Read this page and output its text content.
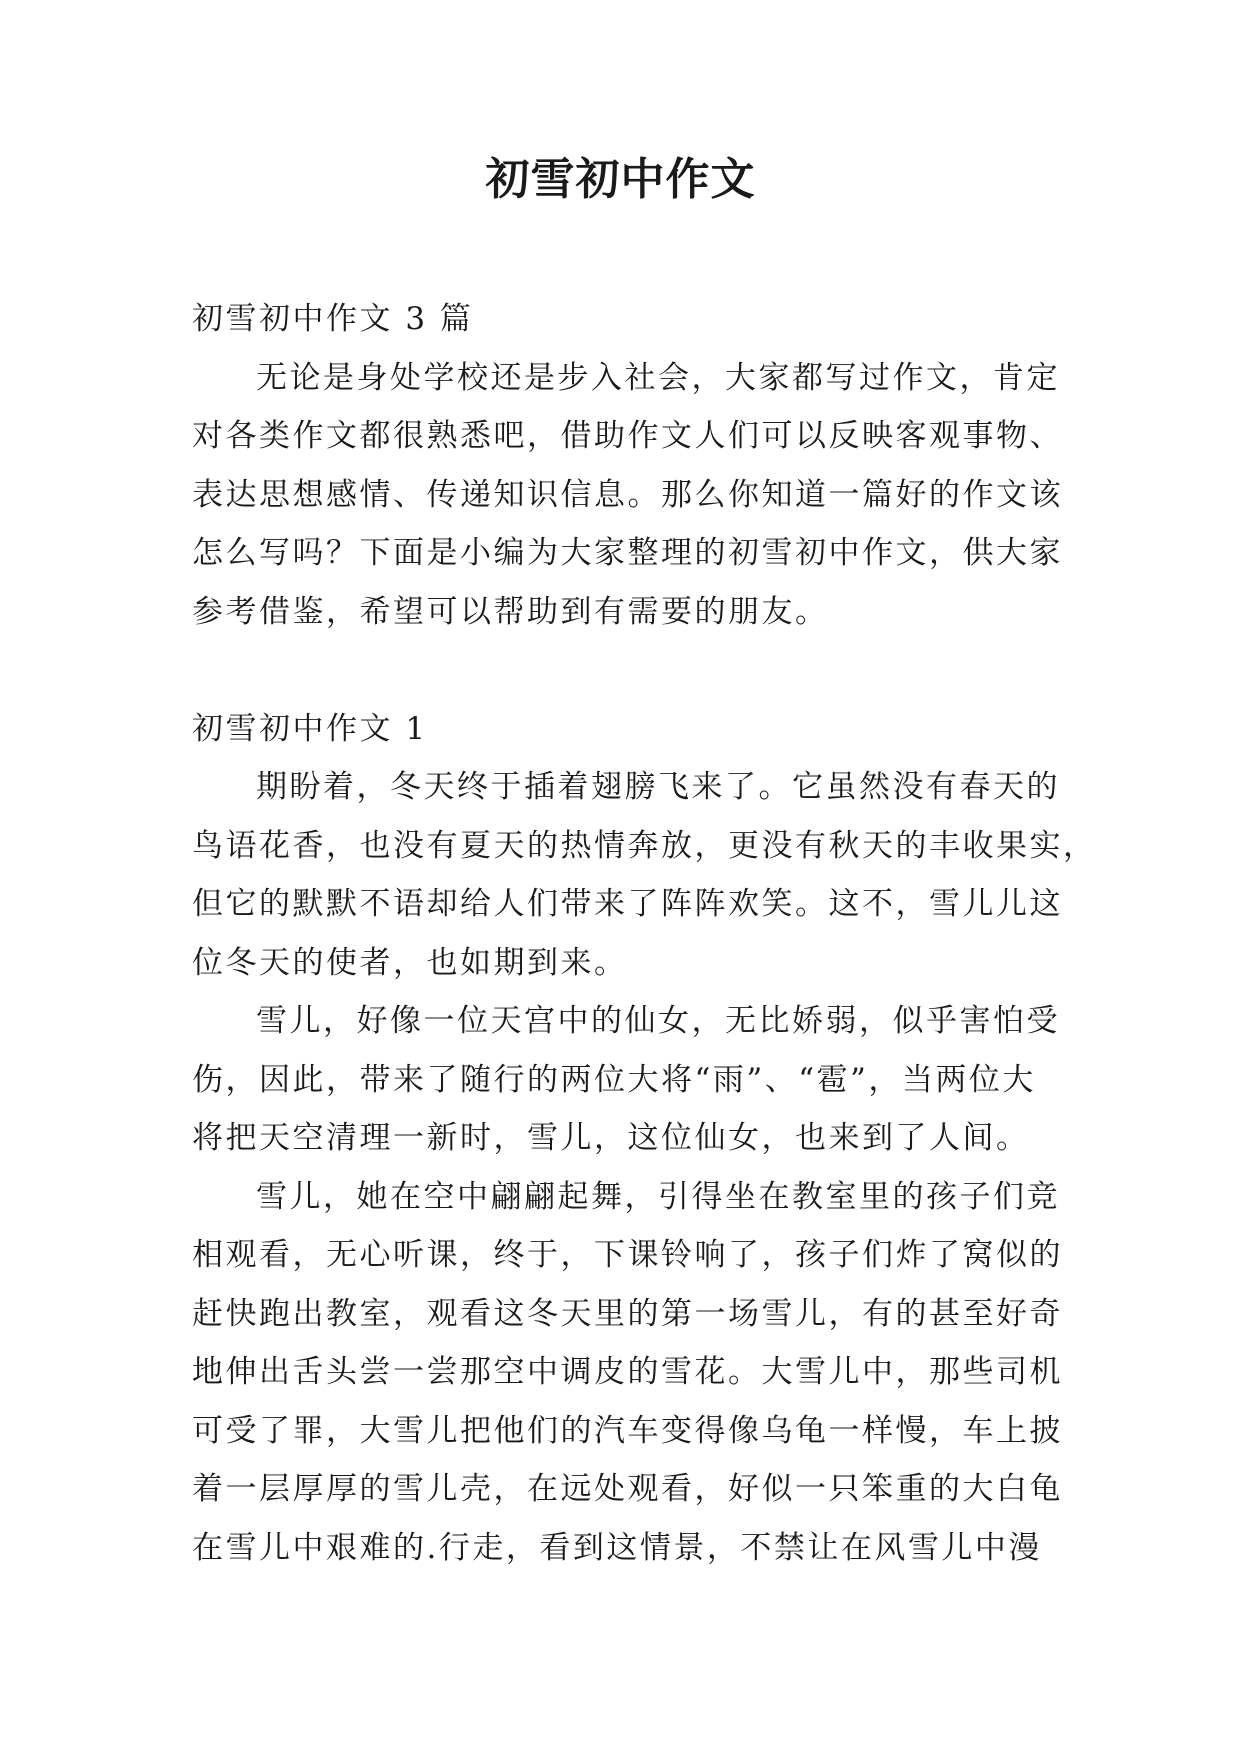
初雪初中作文
初雪初中作文 3 篇
无论是身处学校还是步入社会，大家都写过作文，肯定
对各类作文都很熟悉吧，借助作文人们可以反映客观事物、
表达思想感情、传递知识信息。那么你知道一篇好的作文该
怎么写吗？下面是小编为大家整理的初雪初中作文，供大家
参考借鉴，希望可以帮助到有需要的朋友。
初雪初中作文 1
期盼着，冬天终于插着翅膀飞来了。它虽然没有春天的
鸟语花香，也没有夏天的热情奔放，更没有秋天的丰收果实，
但它的默默不语却给人们带来了阵阵欢笑。这不，雪儿儿这
位冬天的使者，也如期到来。
雪儿，好像一位天宫中的仙女，无比娇弱，似乎害怕受
伤，因此，带来了随行的两位大将“雨”、“雹”，当两位大
将把天空清理一新时，雪儿，这位仙女，也来到了人间。
雪儿，她在空中翩翩起舞，引得坐在教室里的孩子们竞
相观看，无心听课，终于，下课铃响了，孩子们炸了窝似的
赶快跑出教室，观看这冬天里的第一场雪儿，有的甚至好奇
地伸出舌头尝一尝那空中调皮的雪花。大雪儿中，那些司机
可受了罪，大雪儿把他们的汽车变得像乌龟一样慢，车上披
着一层厚厚的雪儿壳，在远处观看，好似一只笨重的大白龟
在雪儿中艰难的.行走，看到这情景，不禁让在风雪儿中漫
